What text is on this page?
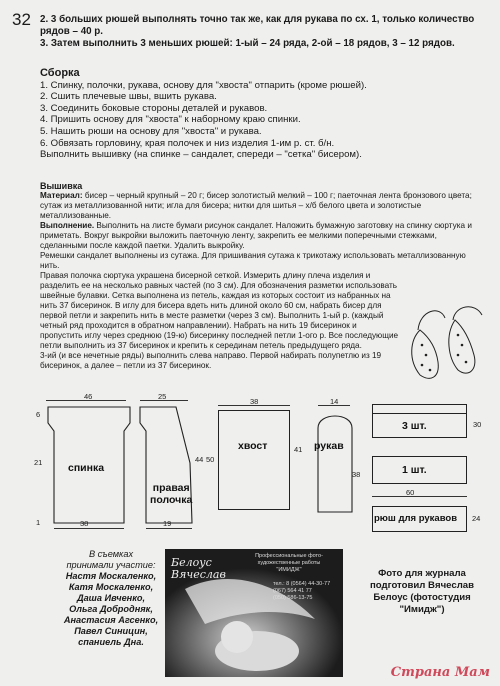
32 2. 3 больших рюшей выполнять точно так же, как для рукава по сх. 1, только количество рядов – 40 р.

3. Затем выполнить 3 меньших рюшей: 1-ый – 24 ряда, 2-ой – 18 рядов, 3 – 12 рядов.

Сборка

1. Спинку, полочки, рукава, основу для "хвоста" отпарить (кроме рюшей).

2. Сшить плечевые швы, вшить рукава.

3. Соединить боковые стороны деталей и рукавов.

4. Пришить основу для "хвоста" к наборному краю спинки.

5. Нашить рюши на основу для "хвоста" и рукава.

6. Обвязать горловину, края полочек и низ изделия 1-им р. ст. б/н.

Выполнить вышивку (на спинке – сандалет, спереди – "сетка" бисером).

Вышивка

Материал: бисер – черный крупный – 20 г; бисер золотистый мелкий – 100 г; паеточная лента бронзового цвета; сутаж из металлизованной нити; игла для бисера; нитки для шитья – х/б белого цвета и золотистые металлизованные.

Выполнение. Выполнить на листе бумаги рисунок сандалет. Наложить бумажную заготовку на спинку сюртука и приметать. Вокруг выкройки выложить паеточную ленту, закрепить ее мелкими поперечными стежками, сделанными после каждой паетки. Удалить выкройку.

Ремешки сандалет выполнены из сутажа. Для пришивания сутажа к трикотажу использовать металлизованную нить.

Правая полочка сюртука украшена бисерной сеткой. Измерить длину плеча изделия и разделить ее на несколько равных частей (по 3 см). Для обозначения разметки использовать швейные булавки. Сетка выполнена из петель, каждая из которых состоит из набранных на нить 37 бисеринок. В иглу для бисера вдеть нить длиной около 60 см, набрать бисер для первой петли и закрепить нить в месте разметки (через 3 см). Выполнить 1-ый р. (каждый четный ряд проходится в обратном направлении). Набрать на нить 19 бисеринок и пропустить иглу через среднюю (19-ю) бисеринку последней петли 1-ого р. Все последующие петли выполнить из 37 бисеринок и крепить к серединам петель предыдущего ряда.

3-ий (и все нечетные ряды) выполнить слева направо. Первой набирать полупетлю из 19 бисеринок, а далее – петли из 37 бисеринок.

46
спинка
6
21
1	38
25
правая
полочка
44
19
38
хвост
50
41
14
рукав
38
3 шт.	30
1 шт.
60
рюш для рукавов 24

В съемках

принимали участие:

Настя Москаленко,

Катя Москаленко,

Даша Ивченко,

Ольга Добродняк,

Анастасия Агсенко,

Павел Синицин,

спаниель Дна.

Белоус
Вячеслав
Профессиональные фото-
художественные работы
"ИМИДЖ"
тел.: 8 (0564) 44-30-77
(067) 564 41 77
(050) 586-13-75
Фото для журнала подготовил Вячеслав Белоус (фотостудия "Имидж")
Страна Мам
